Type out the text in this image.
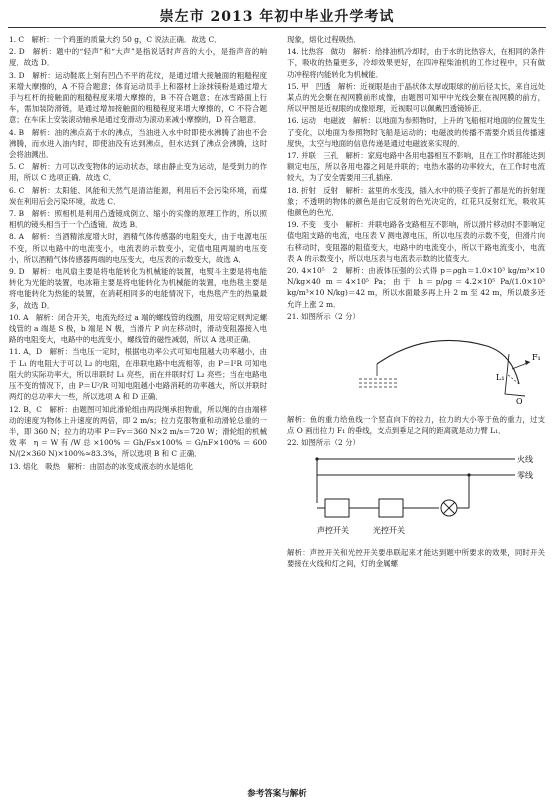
崇左市 2013 年初中毕业升学考试

1. C　解析：一个鸡蛋的质量大约 50 g，C 说法正确．故选 C．

2. D　解析：题中的“轻声”和“大声”是指说话时声音的大小，是指声音的响度．故选 D．

3. D　解析：运动鞋底上刻有凹凸不平的花纹，是通过增大接触面的粗糙程度来增大摩擦的，A 不符合题意；体育运动员手上和器材上涂抹镁粉是通过增大手与杠杆的接触面的粗糙程度来增大摩擦的，B 不符合题意；在冰雪路面上行车，需加装防滑链，是通过增加接触面的粗糙程度来增大摩擦的，C 不符合题意；在车床上安装滚动轴承是通过变滑动为滚动来减小摩擦的，D 符合题意．

4. B　解析：油的沸点高于水的沸点，当油进入水中时即使水沸腾了油也不会沸腾，而水进入油内时，即使油没有达到沸点，但水达到了沸点会沸腾，这时会将油溅出．

5. C　解析：力可以改变物体的运动状态，球由静止变为运动，是受到力的作用，所以 C 选项正确．故选 C．

6. C　解析：太阳能、风能和天然气是清洁能源，利用后不会污染环境，而煤炭在利用后会污染环境，故选 C．

7. B　解析：照相机是利用凸透镜成倒立、缩小的实像的原理工作的，所以照相机的镜头相当于一个凸透镜．故选 B．

8. A　解析：当酒精浓度增大时，酒精气体传感器的电阻变大，由于电源电压不变，所以电路中的电流变小，电流表的示数变小，定值电阻两端的电压变小，所以酒精气体传感器两端的电压变大，电压表的示数变大，故选 A．

9. D　解析：电风扇主要是将电能转化为机械能的装置，电熨斗主要是将电能转化为光能的装置，电冰箱主要是将电能转化为机械能的装置，电热毯主要是将电能转化为热能的装置，在消耗相同多的电能情况下，电热毯产生的热量最多，故选 D．

10. A　解析：闭合开关，电流先经过 a 端的螺线管的线圈，用安培定则判定螺线管的 a 端是 S 极，b 端是 N 极，当滑片 P 向左移动时，滑动变阻器接入电路的电阻变大，电路中的电流变小，螺线管的磁性减弱，所以 A 选项正确．

11. A，D　解析：当电压一定时，根据电功率公式可知电阻越大功率越小，由于 L₁ 的电阻大于可以 L₂ 的电阻，在串联电路中电流相等，由 P＝I²R 可知电阻大的实际功率大，所以串联时 L₁ 亮些，而在并联时灯 L₂ 亮些；当在电路电压不变的情况下，由 P＝U²/R 可知电阻越小电路消耗的功率越大，所以并联时两灯的总功率大一些，所以选项 A 和 D 正确．

12. B，C　解析：由题图可知此滑轮组由两段绳承担物重，所以绳的自由端移动的速度为物体上升速度的两倍，即 2 m/s；拉力克服物重和动滑轮总重的一半，即 360 N；拉力的功率 P＝Fv＝360 N×2 m/s＝720 W；滑轮组的机械效率 η＝W有/W总×100%＝Gh/Fs×100%＝G/nF×100%＝600 N/(2×360 N)×100%≈83.3%，所以选项 B 和 C 正确．

13. 熔化　吸热　解析：由固态的冰变成液态的水是熔化

现象，熔化过程吸热．

14. 比热容　做功　解析：给排油机冷却时，由于水的比热容大，在相同的条件下，吸收的热量更多，冷却效果更好，在四冲程柴油机的工作过程中，只有做功冲程将内能转化为机械能．

15. 甲　凹透　解析：近视眼是由于晶状体太厚或眼球的前后径太长，来自远处某点的光会聚在视网膜前形成像，由题图可知甲中光线会聚在视网膜的前方，所以甲图是近视眼的成像原理，近视眼可以佩戴凹透镜矫正．

16. 运动　电磁波　解析：以地面为参照物时，上升的飞船相对地面的位置发生了变化，以地面为参照物时飞船是运动的；电磁波的传播不需要介质且传播速度快，太空与地面的信息传递是通过电磁波来实现的．

17. 并联　三孔　解析：家庭电路中各用电器相互不影响，且在工作时都能达到额定电压，所以各用电器之间是并联的；电热水器的功率较大，在工作时电流较大，为了安全需要用三孔插座．

18. 折射　反射　解析：盆里的水变浅，插入水中的筷子变折了都是光的折射现象；不透明的物体的颜色是由它反射的色光决定的，红花只反射红光，吸收其他颜色的色光．

19. 不变　变小　解析：并联电路各支路相互不影响，所以滑片移动时不影响定值电阻支路的电流，电压表 V 测电源电压，所以电压表的示数不变，但滑片向右移动时，变阻器的阻值变大，电路中的电流变小，所以干路电流变小，电流表 A 的示数变小，所以电压表与电流表示数的比值变大．

20. 4×10⁵　2　解析：由液体压强的公式得 p＝ρgh＝1.0×10³ kg/m³×10 N/kg×40 m＝4×10⁵ Pa；由于 h＝p/ρg＝4.2×10⁵ Pa/(1.0×10³ kg/m³×10 N/kg)＝42 m，所以水面最多再上升 2 m 至 42 m，所以最多还允许上涨 2 m．

21. 如图所示（2 分）

F₁
L₁
O

解析：鱼的重力给鱼线一个竖直向下的拉力，拉力的大小等于鱼的重力，过支点 O 画出拉力 F₁ 的垂线，支点到垂足之间的距离就是动力臂 L₁．

22. 如图所示（2 分）

火线
零线
声控开关	光控开关

解析：声控开关和光控开关要串联起来才能达到题中所要求的效果，同时开关要接在火线和灯之间，灯的金属螺

参考答案与解析
